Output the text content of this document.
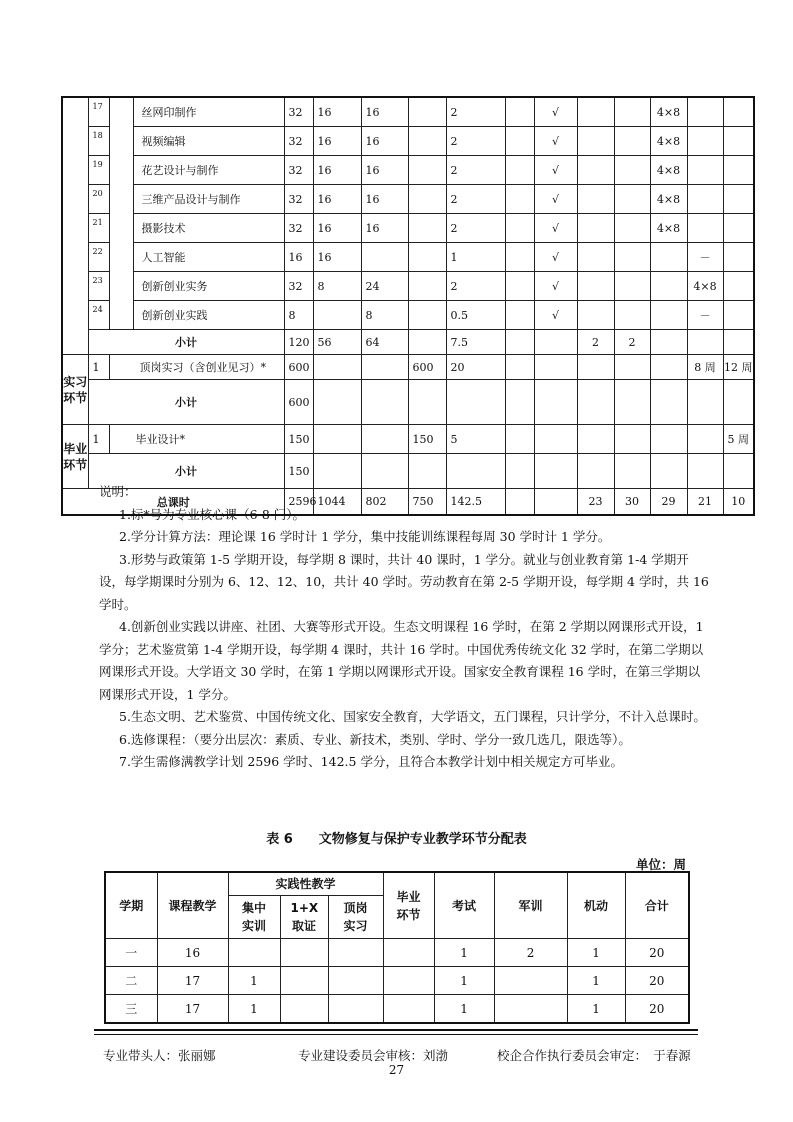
	17		丝网印制作	32	16	16		2		√			4×8		
	18		视频编辑	32	16	16		2		√			4×8		
	19		花艺设计与制作	32	16	16		2		√			4×8		
	20		三维产品设计与制作	32	16	16		2		√			4×8		
	21		摄影技术	32	16	16		2		√			4×8		
	22		人工智能	16	16			1		√				－	
	23		创新创业实务	32	8	24		2		√				4×8	
	24		创新创业实践	8		8		0.5		√				－	
	小计			120	56	64		7.5			2	2			
实习环节	1	顶岗实习（含创业见习）*		600			600	20						8 周	12 周
	小计			600											
毕业环节	1	毕业设计*		150			150	5							5 周
	小计			150											
总课时				2596	1044	802	750	142.5			23	30	29	21	10

说明：

1.标*号为专业核心课（6-8 门）。

2.学分计算方法：理论课 16 学时计 1 学分，集中技能训练课程每周 30 学时计 1 学分。

3.形势与政策第 1-5 学期开设，每学期 8 课时，共计 40 课时，1 学分。就业与创业教育第 1-4 学期开设，每学期课时分别为 6、12、12、10，共计 40 学时。劳动教育在第 2-5 学期开设，每学期 4 学时，共 16 学时。

4.创新创业实践以讲座、社团、大赛等形式开设。生态文明课程 16 学时，在第 2 学期以网课形式开设，1 学分；艺术鉴赏第 1-4 学期开设，每学期 4 课时，共计 16 学时。中国优秀传统文化 32 学时，在第二学期以网课形式开设。大学语文 30 学时，在第 1 学期以网课形式开设。国家安全教育课程 16 学时，在第三学期以网课形式开设，1 学分。

5.生态文明、艺术鉴赏、中国传统文化、国家安全教育，大学语文，五门课程，只计学分，不计入总课时。

6.选修课程：（要分出层次：素质、专业、新技术，类别、学时、学分一致几选几，限选等）。

7.学生需修满教学计划 2596 学时、142.5 学分，且符合本教学计划中相关规定方可毕业。

表 6　　文物修复与保护专业教学环节分配表
单位：周
学期	课程教学	实践性教学			毕业环节	考试	军训	机动	合计
		集中实训	1+X 取证	顶岗实习					
一	16					1	2	1	20
二	17	1				1		1	20
三	17	1				1		1	20
专业带头人：张丽娜	专业建设委员会审核：刘渤	校企合作执行委员会审定：　于春源
27
